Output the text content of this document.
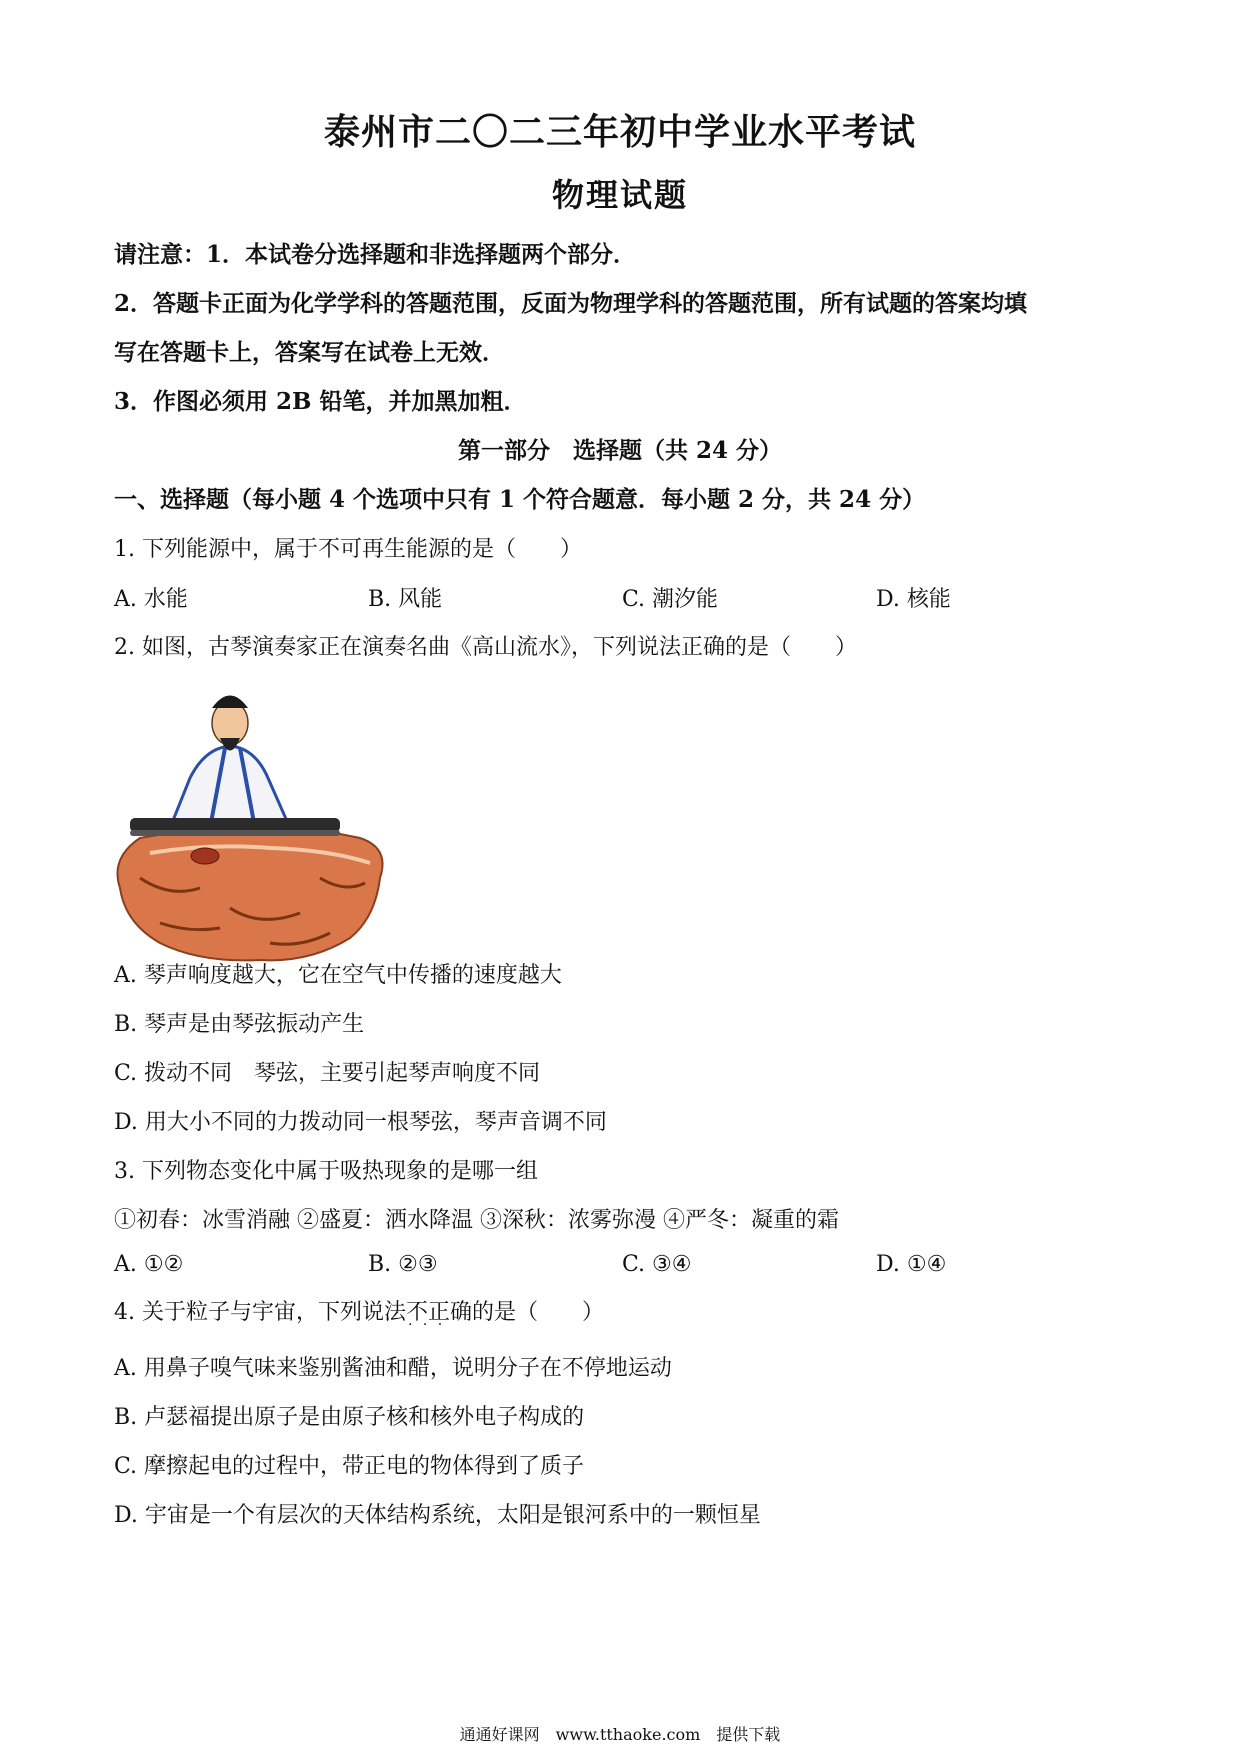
泰州市二〇二三年初中学业水平考试
物理试题
请注意：1．本试卷分选择题和非选择题两个部分．
2．答题卡正面为化学学科的答题范围，反面为物理学科的答题范围，所有试题的答案均填
写在答题卡上，答案写在试卷上无效．
3．作图必须用 2B 铅笔，并加黑加粗．
第一部分　选择题（共 24 分）
一、选择题（每小题 4 个选项中只有 1 个符合题意．每小题 2 分，共 24 分）
1. 下列能源中，属于不可再生能源的是（　　）
A. 水能	B. 风能	C. 潮汐能	D. 核能
2. 如图，古琴演奏家正在演奏名曲《高山流水》，下列说法正确的是（　　）
A. 琴声响度越大，它在空气中传播的速度越大
B. 琴声是由琴弦振动产生
C. 拨动不同　琴弦，主要引起琴声响度不同
D. 用大小不同的力拨动同一根琴弦，琴声音调不同
3. 下列物态变化中属于吸热现象的是哪一组
①初春：冰雪消融 ②盛夏：洒水降温 ③深秋：浓雾弥漫 ④严冬：凝重的霜
A. ①②	B. ②③	C. ③④	D. ①④
4. 关于粒子与宇宙，下列说法不正确 · · ·的是（　　）
A. 用鼻子嗅气味来鉴别酱油和醋，说明分子在不停地运动
B. 卢瑟福提出原子是由原子核和核外电子构成的
C. 摩擦起电的过程中，带正电的物体得到了质子
D. 宇宙是一个有层次的天体结构系统，太阳是银河系中的一颗恒星
通通好课网　www.tthaoke.com　提供下载
